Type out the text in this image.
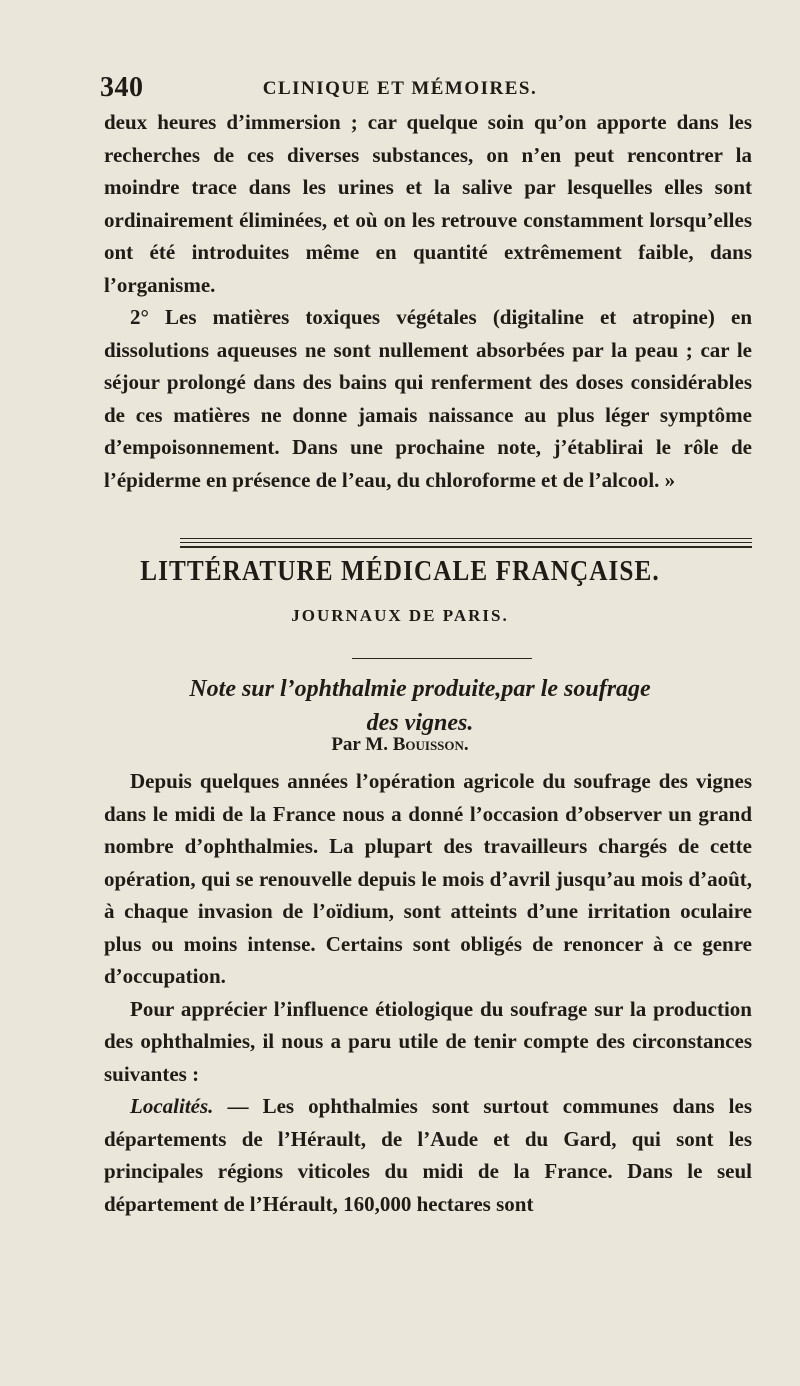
340	CLINIQUE ET MÉMOIRES.

deux heures d’immersion ; car quelque soin qu’on apporte dans les recherches de ces diverses substances, on n’en peut rencontrer la moindre trace dans les urines et la salive par lesquelles elles sont ordinairement éliminées, et où on les retrouve constamment lorsqu’elles ont été introduites même en quantité extrêmement faible, dans l’organisme.

2° Les matières toxiques végétales (digitaline et atropine) en dissolutions aqueuses ne sont nullement absorbées par la peau ; car le séjour prolongé dans des bains qui renferment des doses considérables de ces matières ne donne jamais naissance au plus léger symptôme d’empoisonnement. Dans une prochaine note, j’établirai le rôle de l’épiderme en présence de l’eau, du chloroforme et de l’alcool. »

LITTÉRATURE MÉDICALE FRANÇAISE.
JOURNAUX DE PARIS.
Note sur l’ophthalmie produite,par le soufrage
des vignes.
Par M. Bouisson.

Depuis quelques années l’opération agricole du soufrage des vignes dans le midi de la France nous a donné l’occasion d’observer un grand nombre d’ophthalmies. La plupart des travailleurs chargés de cette opération, qui se renouvelle depuis le mois d’avril jusqu’au mois d’août, à chaque invasion de l’oïdium, sont atteints d’une irritation oculaire plus ou moins intense. Certains sont obligés de renoncer à ce genre d’occupation.

Pour apprécier l’influence étiologique du soufrage sur la production des ophthalmies, il nous a paru utile de tenir compte des circonstances suivantes :

Localités. — Les ophthalmies sont surtout communes dans les départements de l’Hérault, de l’Aude et du Gard, qui sont les principales régions viticoles du midi de la France. Dans le seul département de l’Hérault, 160,000 hectares sont
